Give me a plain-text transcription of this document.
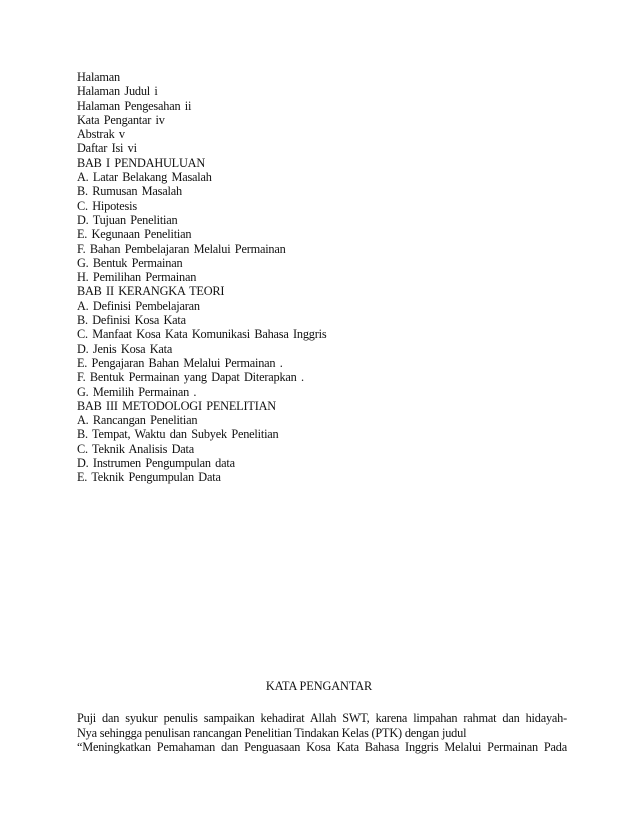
Halaman
Halaman Judul i
Halaman Pengesahan ii
Kata Pengantar iv
Abstrak v
Daftar Isi vi
BAB I PENDAHULUAN
A. Latar Belakang Masalah
B. Rumusan Masalah
C. Hipotesis
D. Tujuan Penelitian
E. Kegunaan Penelitian
F. Bahan Pembelajaran Melalui Permainan
G. Bentuk Permainan
H. Pemilihan Permainan
BAB II KERANGKA TEORI
A. Definisi Pembelajaran
B. Definisi Kosa Kata
C. Manfaat Kosa Kata Komunikasi Bahasa Inggris
D. Jenis Kosa Kata
E. Pengajaran Bahan Melalui Permainan .
F. Bentuk Permainan yang Dapat Diterapkan .
G. Memilih Permainan .
BAB III METODOLOGI PENELITIAN
A. Rancangan Penelitian
B. Tempat, Waktu dan Subyek Penelitian
C. Teknik Analisis Data
D. Instrumen Pengumpulan data
E. Teknik Pengumpulan Data
KATA PENGANTAR
Puji dan syukur penulis sampaikan kehadirat Allah SWT, karena limpahan rahmat dan hidayah-
Nya sehingga penulisan rancangan Penelitian Tindakan Kelas (PTK) dengan judul
“Meningkatkan Pemahaman dan Penguasaan Kosa Kata Bahasa Inggris Melalui Permainan Pada
